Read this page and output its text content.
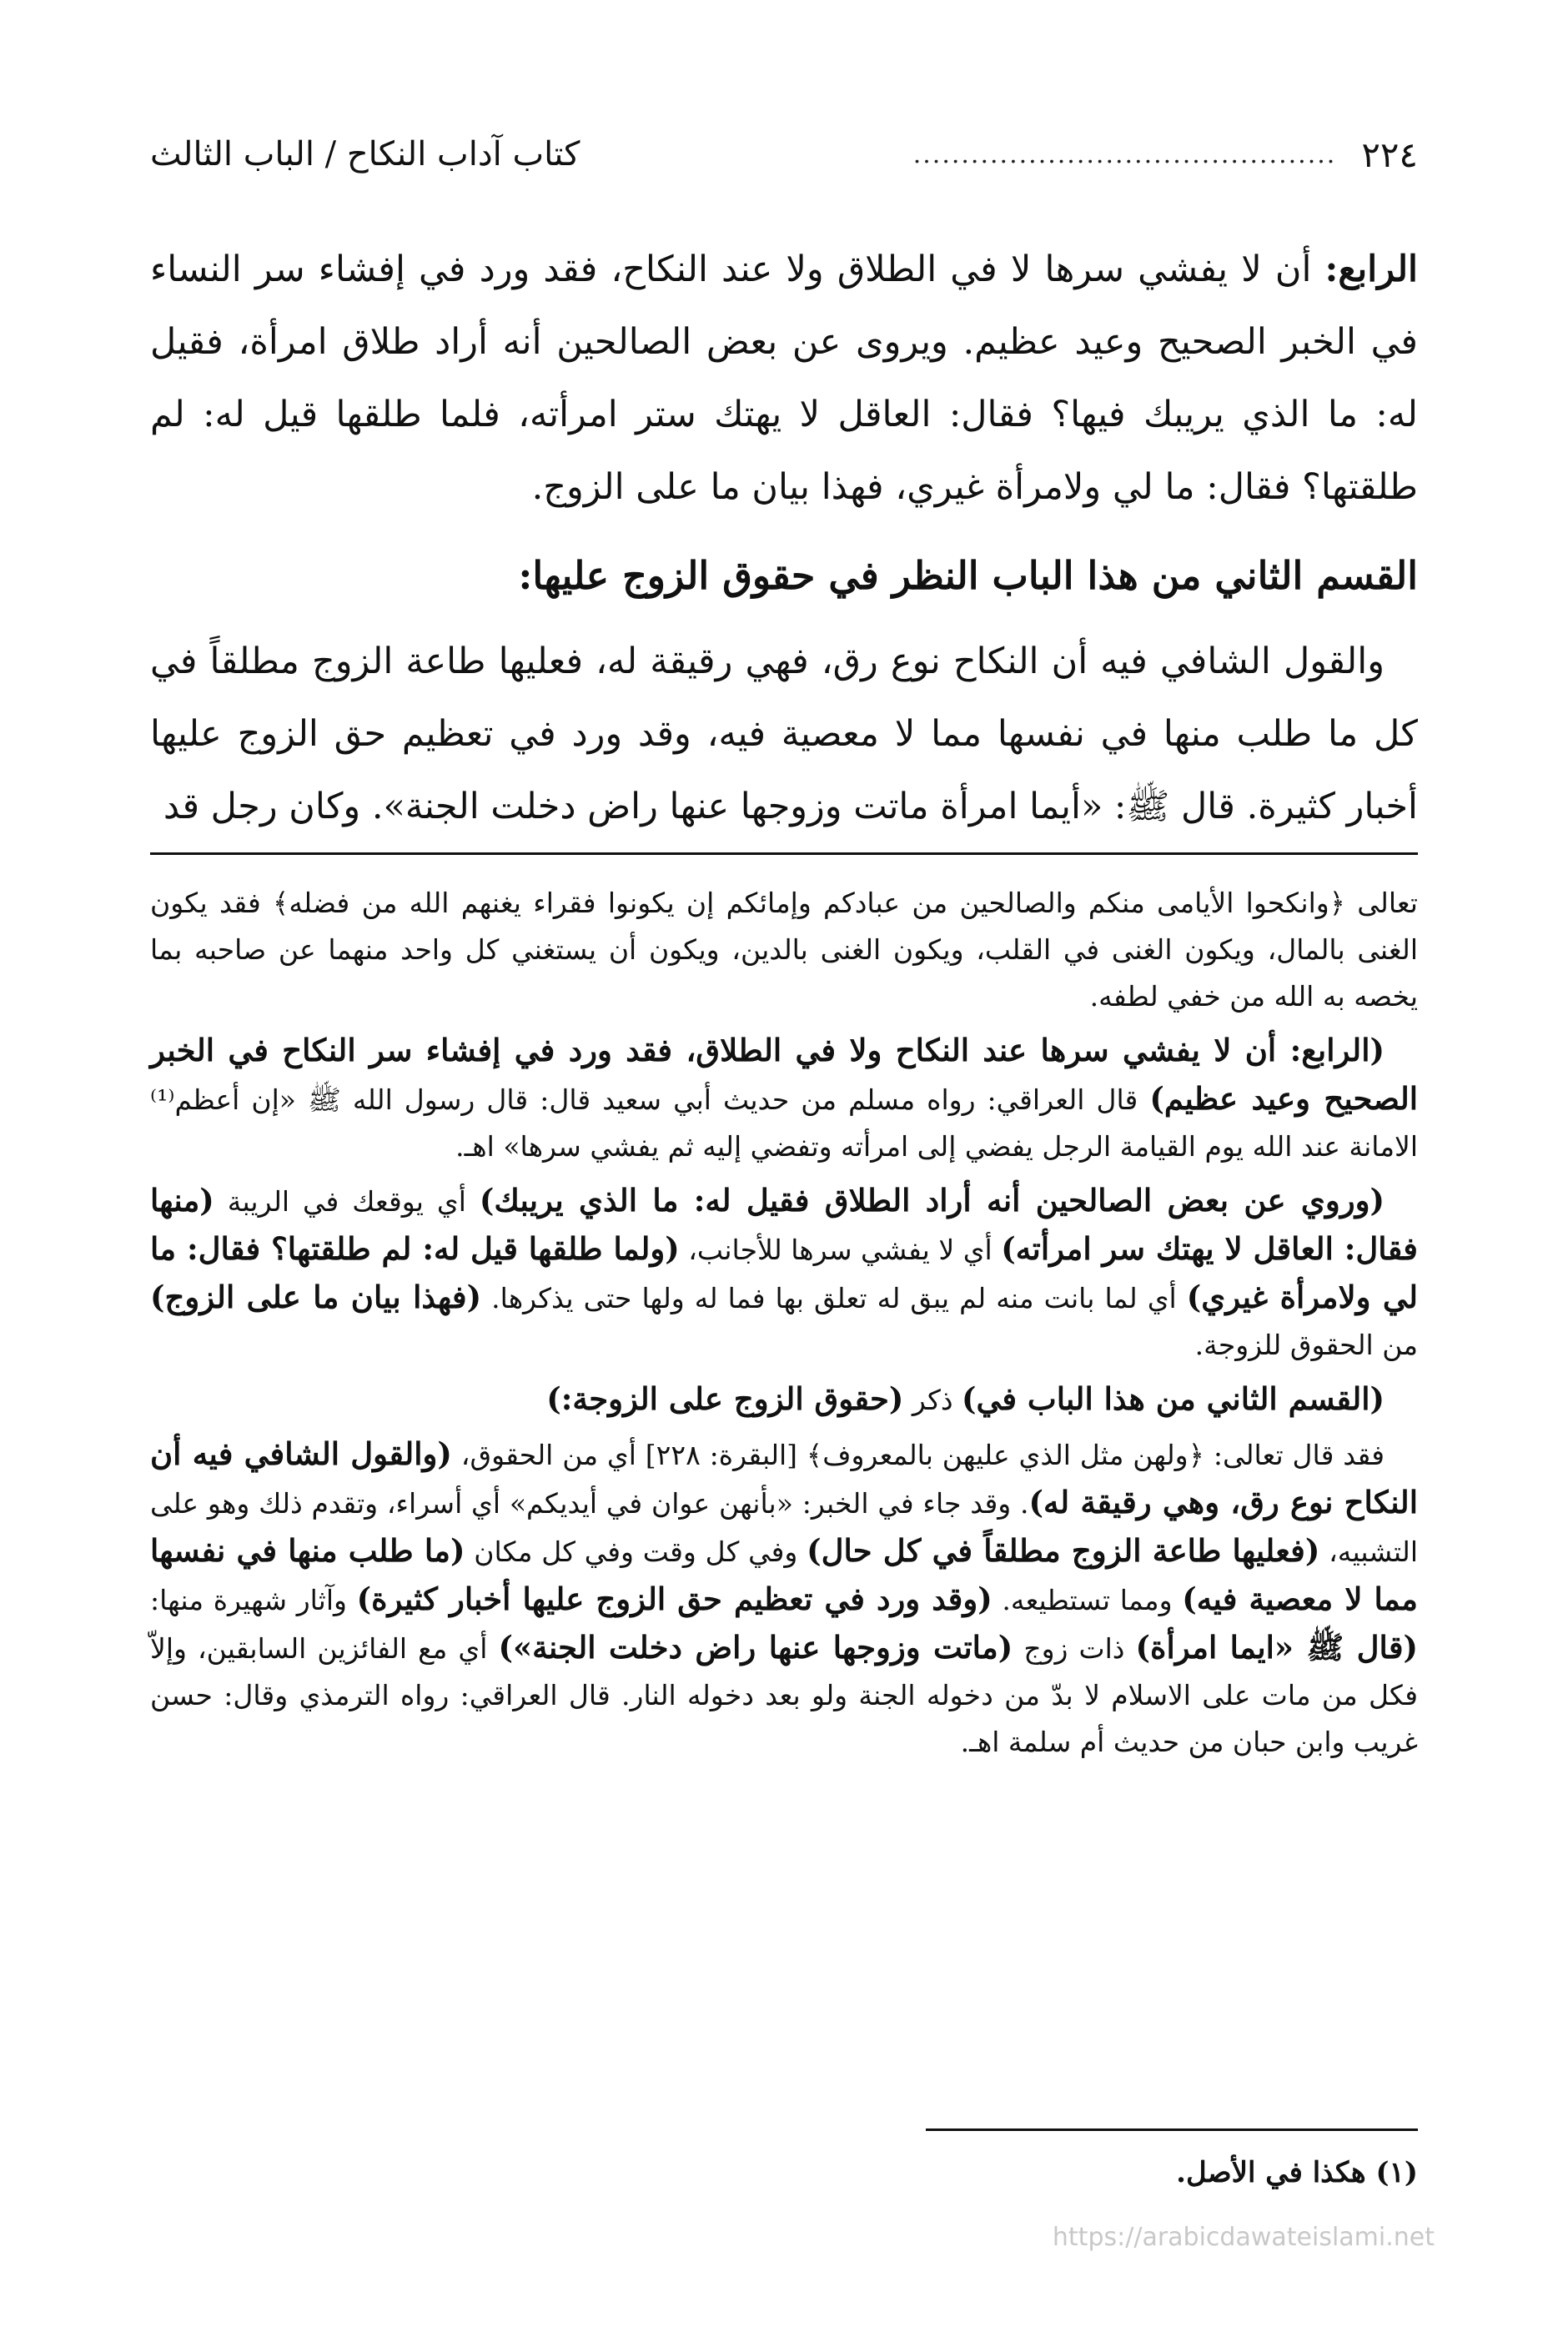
٢٢٤
............................................
كتاب آداب النكاح / الباب الثالث

الرابع: أن لا يفشي سرها لا في الطلاق ولا عند النكاح، فقد ورد في إفشاء سر النساء في الخبر الصحيح وعيد عظيم. ويروى عن بعض الصالحين أنه أراد طلاق امرأة، فقيل له: ما الذي يريبك فيها؟ فقال: العاقل لا يهتك ستر امرأته، فلما طلقها قيل له: لم طلقتها؟ فقال: ما لي ولامرأة غيري، فهذا بيان ما على الزوج.

القسم الثاني من هذا الباب النظر في حقوق الزوج عليها:

والقول الشافي فيه أن النكاح نوع رق، فهي رقيقة له، فعليها طاعة الزوج مطلقاً في كل ما طلب منها في نفسها مما لا معصية فيه، وقد ورد في تعظيم حق الزوج عليها أخبار كثيرة. قال ﷺ: «أيما امرأة ماتت وزوجها عنها راض دخلت الجنة». وكان رجل قد

تعالى ﴿وانكحوا الأيامى منكم والصالحين من عبادكم وإمائكم إن يكونوا فقراء يغنهم الله من فضله﴾ فقد يكون الغنى بالمال، ويكون الغنى في القلب، ويكون الغنى بالدين، ويكون أن يستغني كل واحد منهما عن صاحبه بما يخصه به الله من خفي لطفه.

(الرابع: أن لا يفشي سرها عند النكاح ولا في الطلاق، فقد ورد في إفشاء سر النكاح في الخبر الصحيح وعيد عظيم) قال العراقي: رواه مسلم من حديث أبي سعيد قال: قال رسول الله ﷺ «إن أعظم⁽¹⁾ الامانة عند الله يوم القيامة الرجل يفضي إلى امرأته وتفضي إليه ثم يفشي سرها» اهـ.

(وروي عن بعض الصالحين أنه أراد الطلاق فقيل له: ما الذي يريبك) أي يوقعك في الريبة (منها فقال: العاقل لا يهتك سر امرأته) أي لا يفشي سرها للأجانب، (ولما طلقها قيل له: لم طلقتها؟ فقال: ما لي ولامرأة غيري) أي لما بانت منه لم يبق له تعلق بها فما له ولها حتى يذكرها. (فهذا بيان ما على الزوج) من الحقوق للزوجة.

(القسم الثاني من هذا الباب في) ذكر (حقوق الزوج على الزوجة:)

فقد قال تعالى: ﴿ولهن مثل الذي عليهن بالمعروف﴾ [البقرة: ٢٢٨] أي من الحقوق، (والقول الشافي فيه أن النكاح نوع رق، وهي رقيقة له). وقد جاء في الخبر: «بأنهن عوان في أيديكم» أي أسراء، وتقدم ذلك وهو على التشبيه، (فعليها طاعة الزوج مطلقاً في كل حال) وفي كل وقت وفي كل مكان (ما طلب منها في نفسها مما لا معصية فيه) ومما تستطيعه. (وقد ورد في تعظيم حق الزوج عليها أخبار كثيرة) وآثار شهيرة منها: (قال ﷺ «ايما امرأة) ذات زوج (ماتت وزوجها عنها راض دخلت الجنة») أي مع الفائزين السابقين، وإلاّ فكل من مات على الاسلام لا بدّ من دخوله الجنة ولو بعد دخوله النار. قال العراقي: رواه الترمذي وقال: حسن غريب وابن حبان من حديث أم سلمة اهـ.

(١) هكذا في الأصل.
https://arabicdawateislami.net
